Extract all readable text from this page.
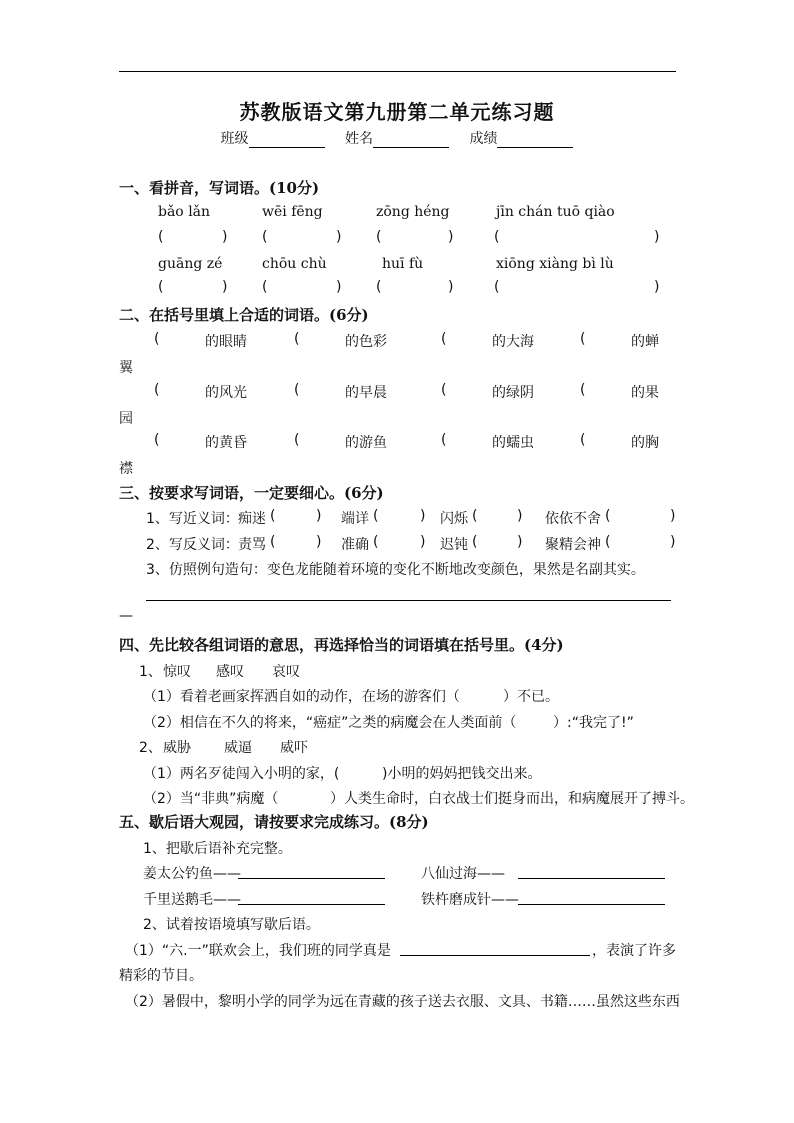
苏教版语文第九册第二单元练习题
班级	姓名	成绩
一、看拼音，写词语。(10分)
bǎo lǎn	wēi fēng	zōng héng	jīn chán tuō qiào
(	) (	) (	)	(	)
guāng zé	chōu chù	huī fù	xiōng xiàng bì lù
(	) (	) (	)	(	)
二、在括号里填上合适的词语。(6分)
(	的眼睛	(	的色彩	(	的大海	(	的蝉
翼
(	的风光	(	的早晨	(	的绿阴	(	的果
园
(	的黄昏	(	的游鱼	(	的蠕虫	(	的胸
襟
三、按要求写词语，一定要细心。(6分)
1、写近义词： 痴迷 (	) 端详 (	) 闪烁 (	) 依依不舍 (	)
2、写反义词： 责骂 (	) 准确 (	) 迟钝 (	) 聚精会神 (	)
3、仿照例句造句：变色龙能随着环境的变化不断地改变颜色，果然是名副其实。
—
四、先比较各组词语的意思，再选择恰当的词语填在括号里。(4分)
1、 惊叹 感叹 哀叹
（1）看着老画家挥洒自如的动作，在场的游客们（	）不已。
（2）相信在不久的将来，“癌症”之类的病魔会在人类面前（	）:“我完了!”
2、 威胁 威逼 威吓
（1）两名歹徒闯入小明的家，(	)小明的妈妈把钱交出来。
（2）当“非典”病魔（	）人类生命时，白衣战士们挺身而出，和病魔展开了搏斗。
五、歇后语大观园，请按要求完成练习。(8分)
1、把歇后语补充完整。
姜太公钓鱼——	八仙过海——
千里送鹅毛——	铁杵磨成针——
2、试着按语境填写歇后语。
（1）“六.一”联欢会上，我们班的同学真是	，表演了许多
精彩的节目。
（2）暑假中，黎明小学的同学为远在青藏的孩子送去衣服、文具、书籍……虽然这些东西
